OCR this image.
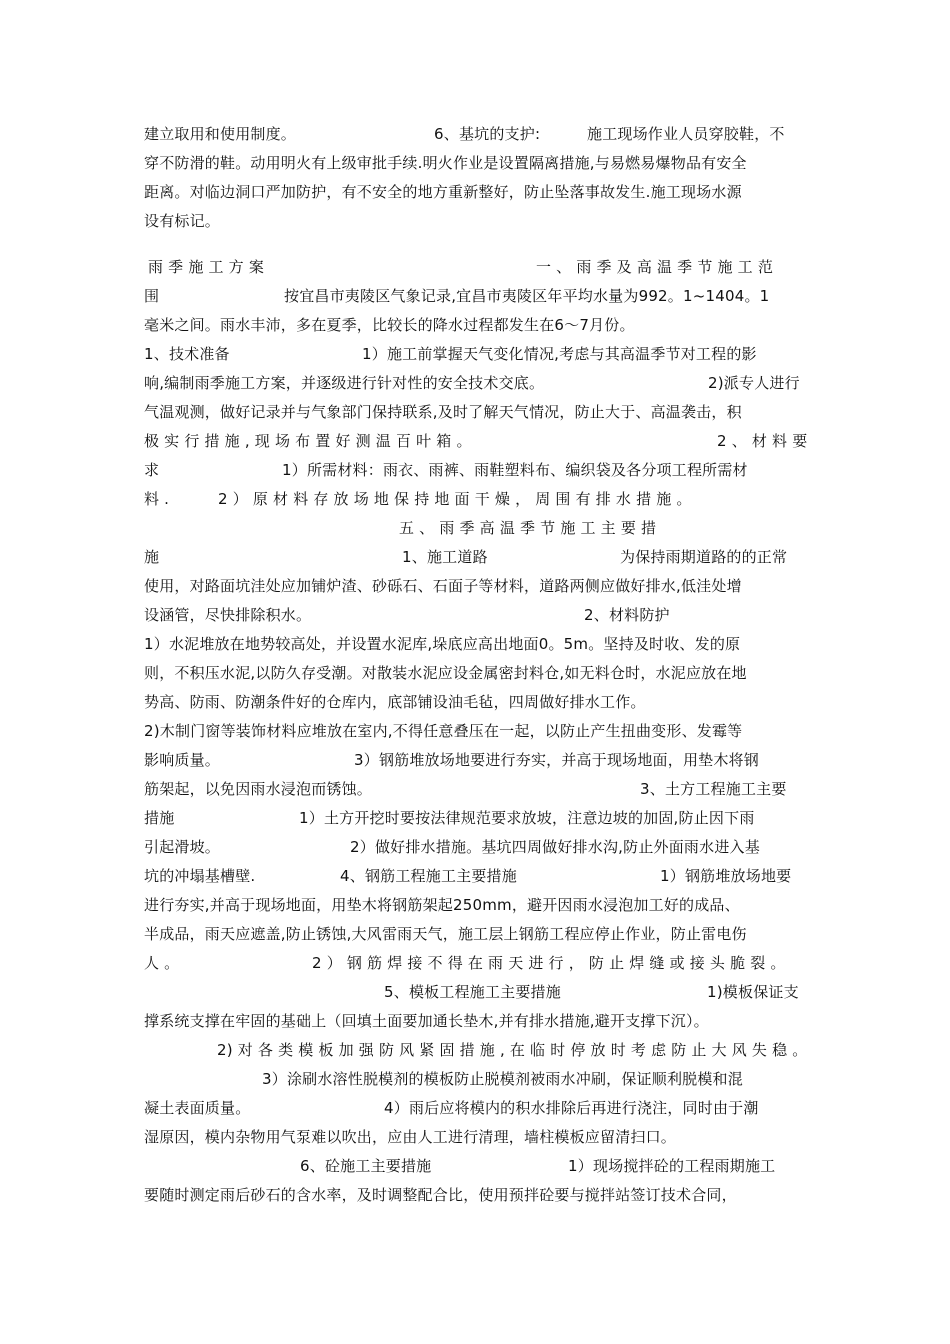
建立取用和使用制度。	6、基坑的支护:	施工现场作业人员穿胶鞋，不
穿不防滑的鞋。动用明火有上级审批手续.明火作业是设置隔离措施,与易燃易爆物品有安全
距离。对临边洞口严加防护，有不安全的地方重新整好，防止坠落事故发生.施工现场水源
设有标记。
雨 季 施 工 方 案	一 、 雨 季 及 高 温 季 节 施 工 范
围	按宜昌市夷陵区气象记录,宜昌市夷陵区年平均水量为992。1~1404。1
毫米之间。雨水丰沛，多在夏季，比较长的降水过程都发生在6～7月份。
1、技术准备	1）施工前掌握天气变化情况,考虑与其高温季节对工程的影
响,编制雨季施工方案，并逐级进行针对性的安全技术交底。	2)派专人进行
气温观测，做好记录并与气象部门保持联系,及时了解天气情况，防止大于、高温袭击，积
极 实 行 措 施 , 现 场 布 置 好 测 温 百 叶 箱 。	2 、 材 料 要
求	1）所需材料：雨衣、雨裤、雨鞋塑料布、编织袋及各分项工程所需材
料 .	2 ） 原 材 料 存 放 场 地 保 持 地 面 干 燥 ， 周 围 有 排 水 措 施 。
五 、 雨 季 高 温 季 节 施 工 主 要 措
施	1、施工道路	为保持雨期道路的的正常
使用，对路面坑洼处应加铺炉渣、砂砾石、石面子等材料，道路两侧应做好排水,低洼处增
设涵管，尽快排除积水。	2、材料防护
1）水泥堆放在地势较高处，并设置水泥库,垛底应高出地面0。5m。坚持及时收、发的原
则，不积压水泥,以防久存受潮。对散装水泥应设金属密封料仓,如无料仓时，水泥应放在地
势高、防雨、防潮条件好的仓库内，底部铺设油毛毡，四周做好排水工作。
2)木制门窗等装饰材料应堆放在室内,不得任意叠压在一起，以防止产生扭曲变形、发霉等
影响质量。	3）钢筋堆放场地要进行夯实，并高于现场地面，用垫木将钢
筋架起，以免因雨水浸泡而锈蚀。	3、土方工程施工主要
措施	1）土方开挖时要按法律规范要求放坡，注意边坡的加固,防止因下雨
引起滑坡。	2）做好排水措施。基坑四周做好排水沟,防止外面雨水进入基
坑的冲塌基槽壁.	4、钢筋工程施工主要措施	1）钢筋堆放场地要
进行夯实,并高于现场地面，用垫木将钢筋架起250mm，避开因雨水浸泡加工好的成品、
半成品，雨天应遮盖,防止锈蚀,大风雷雨天气，施工层上钢筋工程应停止作业，防止雷电伤
人 。	2 ） 钢 筋 焊 接 不 得 在 雨 天 进 行 ， 防 止 焊 缝 或 接 头 脆 裂 。
5、模板工程施工主要措施	1)模板保证支
撑系统支撑在牢固的基础上（回填土面要加通长垫木,并有排水措施,避开支撑下沉）。
2) 对 各 类 模 板 加 强 防 风 紧 固 措 施 , 在 临 时 停 放 时 考 虑 防 止 大 风 失 稳 。
3）涂刷水溶性脱模剂的模板防止脱模剂被雨水冲刷，保证顺利脱模和混
凝土表面质量。	4）雨后应将模内的积水排除后再进行浇注，同时由于潮
湿原因，模内杂物用气泵难以吹出，应由人工进行清理，墙柱模板应留清扫口。
6、砼施工主要措施	1）现场搅拌砼的工程雨期施工
要随时测定雨后砂石的含水率，及时调整配合比，使用预拌砼要与搅拌站签订技术合同，
